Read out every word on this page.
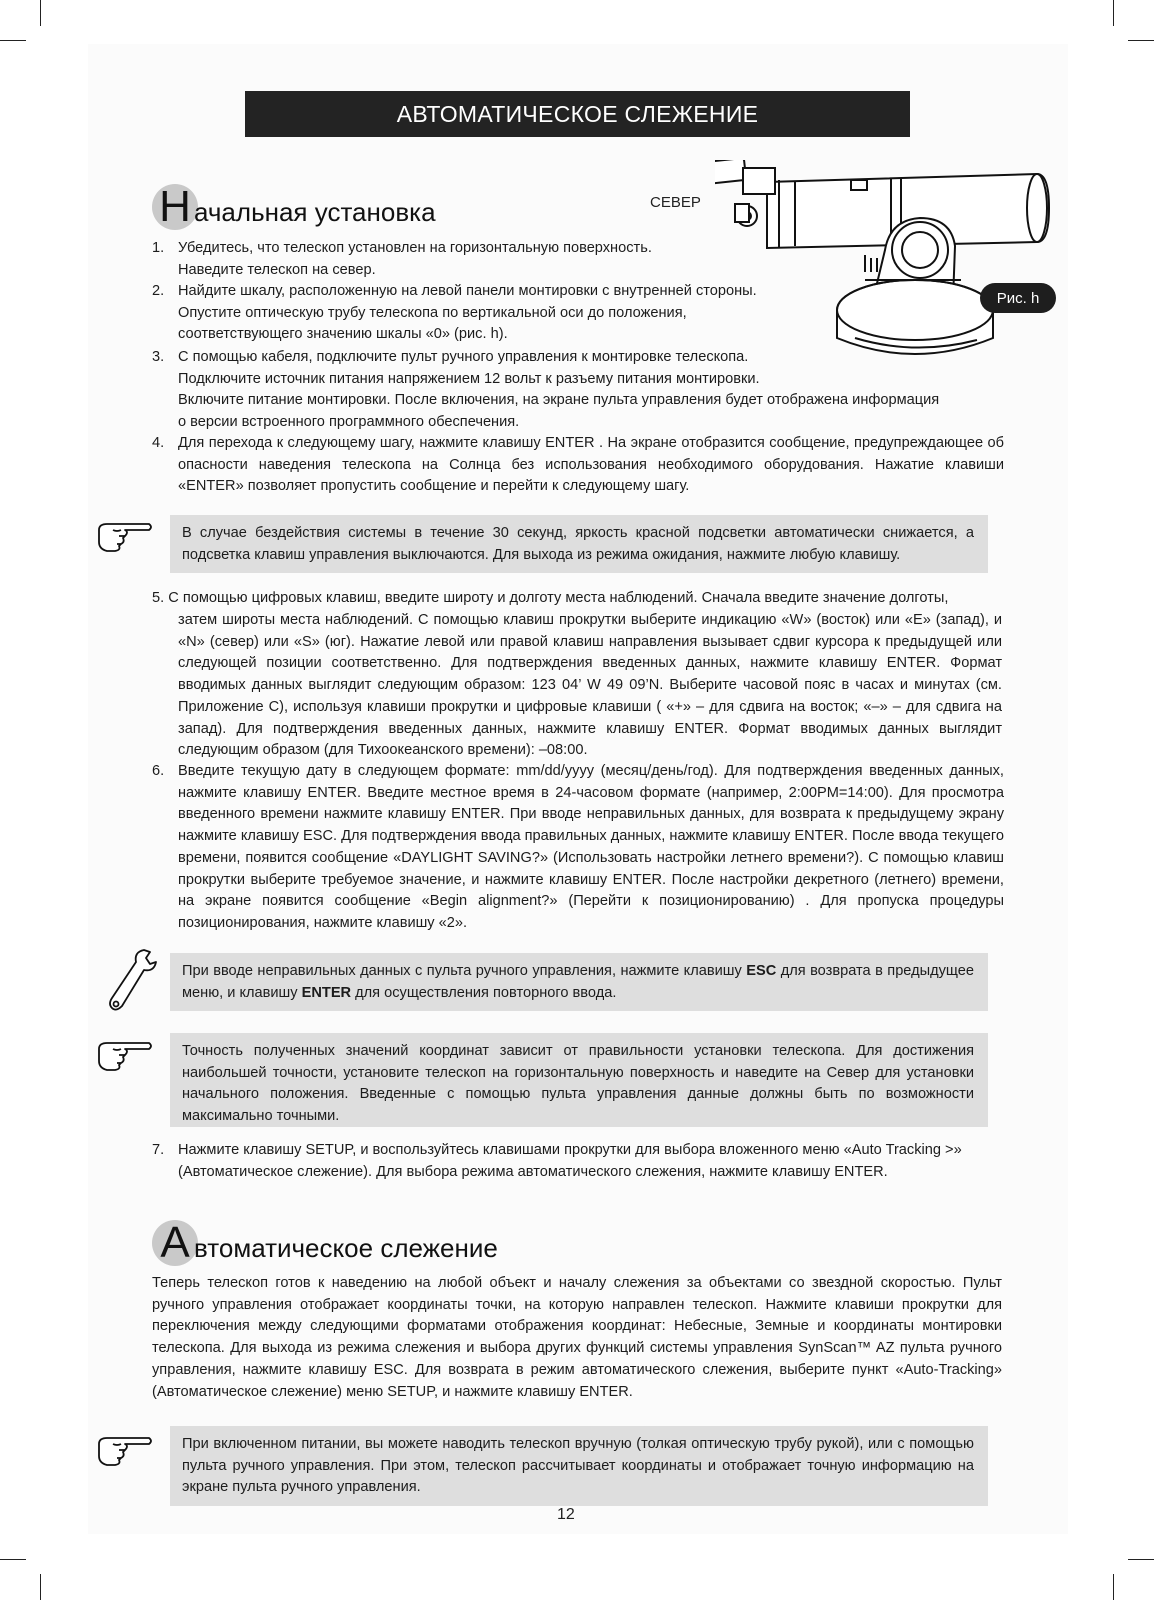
АВТОМАТИЧЕСКОЕ СЛЕЖЕНИЕ
Н ачальная установка	СЕВЕР
Рис. h
1. Убедитесь, что телескоп установлен на горизонтальную поверхность.
Наведите телескоп на север.
2. Найдите шкалу, расположенную на левой панели монтировки с внутренней стороны.
Опустите оптическую трубу телескопа по вертикальной оси до положения,
соответствующего значению шкалы «0» (рис. h).
3. С помощью кабеля, подключите пульт ручного управления к монтировке телескопа.
Подключите источник питания напряжением 12 вольт к разъему питания монтировки.
Включите питание монтировки. После включения, на экране пульта управления будет отображена информация
о версии встроенного программного обеспечения.
4. Для перехода к следующему шагу, нажмите клавишу ENTER . На экране отобразится сообщение, предупреждающее об опасности наведения телескопа на Солнца без использования необходимого оборудования. Нажатие клавиши «ENTER» позволяет пропустить сообщение и перейти к следующему шагу.
В случае бездействия системы в течение 30 секунд, яркость красной подсветки автоматически снижается, а подсветка клавиш управления выключаются. Для выхода из режима ожидания, нажмите любую клавишу.
5. С помощью цифровых клавиш, введите широту и долготу места наблюдений. Сначала введите значение долготы,
затем широты места наблюдений. С помощью клавиш прокрутки выберите индикацию «W» (восток) или «E» (запад), и «N» (север) или «S» (юг). Нажатие левой или правой клавиш направления вызывает сдвиг курсора к предыдущей или следующей позиции соответственно. Для подтверждения введенных данных, нажмите клавишу ENTER. Формат вводимых данных выглядит следующим образом: 123 04’ W 49 09’N. Выберите часовой пояс в часах и минутах (см. Приложение С), используя клавиши прокрутки и цифровые клавиши ( «+» – для сдвига на восток; «–» – для сдвига на запад). Для подтверждения введенных данных, нажмите клавишу ENTER. Формат вводимых данных выглядит следующим образом (для Тихоокеанского времени): –08:00.
6. Введите текущую дату в следующем формате: mm/dd/yyyy (месяц/день/год). Для подтверждения введенных данных, нажмите клавишу ENTER. Введите местное время в 24-часовом формате (например, 2:00PM=14:00). Для просмотра введенного времени нажмите клавишу ENTER. При вводе неправильных данных, для возврата к предыдущему экрану нажмите клавишу ESC. Для подтверждения ввода правильных данных, нажмите клавишу ENTER. После ввода текущего времени, появится сообщение «DAYLIGHT SAVING?» (Использовать настройки летнего времени?). С помощью клавиш прокрутки выберите требуемое значение, и нажмите клавишу ENTER. После настройки декретного (летнего) времени, на экране появится сообщение «Begin alignment?» (Перейти к позиционированию) . Для пропуска процедуры позиционирования, нажмите клавишу «2».
При вводе неправильных данных с пульта ручного управления, нажмите клавишу ESC для возврата в предыдущее меню, и клавишу ENTER для осуществления повторного ввода.
Точность полученных значений координат зависит от правильности установки телескопа. Для достижения наибольшей точности, установите телескоп на горизонтальную поверхность и наведите на Север для установки начального положения. Введенные с помощью пульта управления данные должны быть по возможности максимально точными.
7. Нажмите клавишу SETUP, и воспользуйтесь клавишами прокрутки для выбора вложенного меню «Auto Tracking >» (Автоматическое слежение). Для выбора режима автоматического слежения, нажмите клавишу ENTER.
А втоматическое слежение
Теперь телескоп готов к наведению на любой объект и началу слежения за объектами со звездной скоростью. Пульт ручного управления отображает координаты точки, на которую направлен телескоп. Нажмите клавиши прокрутки для переключения между следующими форматами отображения координат: Небесные, Земные и координаты монтировки телескопа. Для выхода из режима слежения и выбора других функций системы управления SynScan™ AZ пульта ручного управления, нажмите клавишу ESC. Для возврата в режим автоматического слежения, выберите пункт «Auto-Tracking» (Автоматическое слежение) меню SETUP, и нажмите клавишу ENTER.
При включенном питании, вы можете наводить телескоп вручную (толкая оптическую трубу рукой), или с помощью пульта ручного управления. При этом, телескоп рассчитывает координаты и отображает точную информацию на экране пульта ручного управления.
12
